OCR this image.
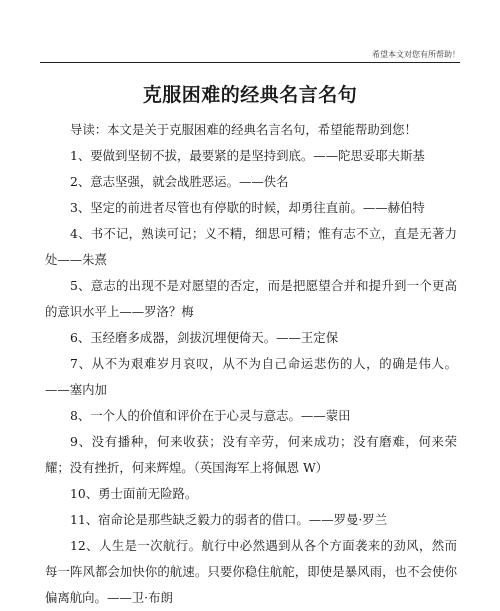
希望本文对您有所帮助！
克服困难的经典名言名句

导读：本文是关于克服困难的经典名言名句，希望能帮助到您！

1、要做到坚韧不拔，最要紧的是坚持到底。——陀思妥耶夫斯基

2、意志坚强，就会战胜恶运。——佚名

3、坚定的前进者尽管也有停歇的时候，却勇往直前。——赫伯特

4、书不记，熟读可记；义不精，细思可精；惟有志不立，直是无著力处——朱熹

5、意志的出现不是对愿望的否定，而是把愿望合并和提升到一个更高的意识水平上——罗洛？梅

6、玉经磨多成器，剑拔沉埋便倚天。——王定保

7、从不为艰难岁月哀叹，从不为自己命运悲伤的人，的确是伟人。——塞内加

8、一个人的价值和评价在于心灵与意志。——蒙田

9、没有播种，何来收获；没有辛劳，何来成功；没有磨难，何来荣耀；没有挫折，何来辉煌。（英国海军上将佩恩 W）

10、勇士面前无险路。

11、宿命论是那些缺乏毅力的弱者的借口。——罗曼·罗兰

12、人生是一次航行。航行中必然遇到从各个方面袭来的劲风，然而每一阵风都会加快你的航速。只要你稳住航舵，即使是暴风雨，也不会使你偏离航向。——卫·布朗
